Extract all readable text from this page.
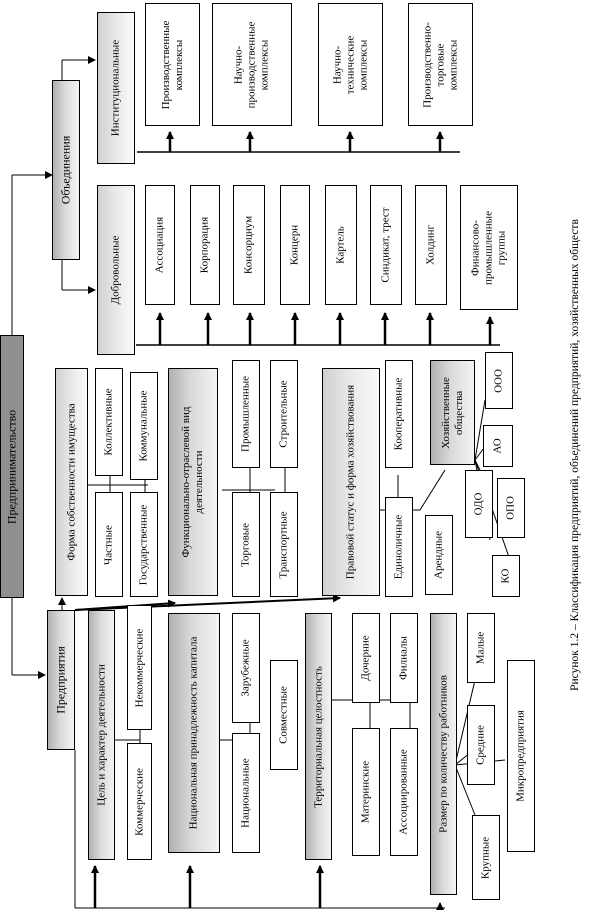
Предпринимательство
Предприятия	Цель и характер деятельности Коммерческие
Некоммерческие	Национальная принадлежность капитала	Национальные
Зарубежные
Совместные Территориальная целостность	Материнские
Дочерние
Ассоциированные
Филиалы
Размер по количеству работников
Крупные
Средние
Малые
Микропредприятия
Форма собственности имущества Частные Государственные
Коллективные Коммунальные	Функционально-отраслевой вид деятельности
Торговые Транспортные
Промышленные Строительные	Правовой статус и форма хозяйствования	Единоличные	Арендные
Кооперативные	Хозяйственные общества
ООО
АО
ОДО ОПО
КО
Объединения
Добровольные	Ассоциация	Корпорация	Консорциум	Концерн	Картель	Синдикат, трест	Холдинг	Финансово-
промышленные
группы
Институциональные	Производственные
комплексы	Научно-
производственные
комплексы	Научно-
технические
комплексы	Производственно-
торговые
комплексы
Рисунок 1.2 – Классификация предприятий, объединений предприятий, хозяйственных обществ
